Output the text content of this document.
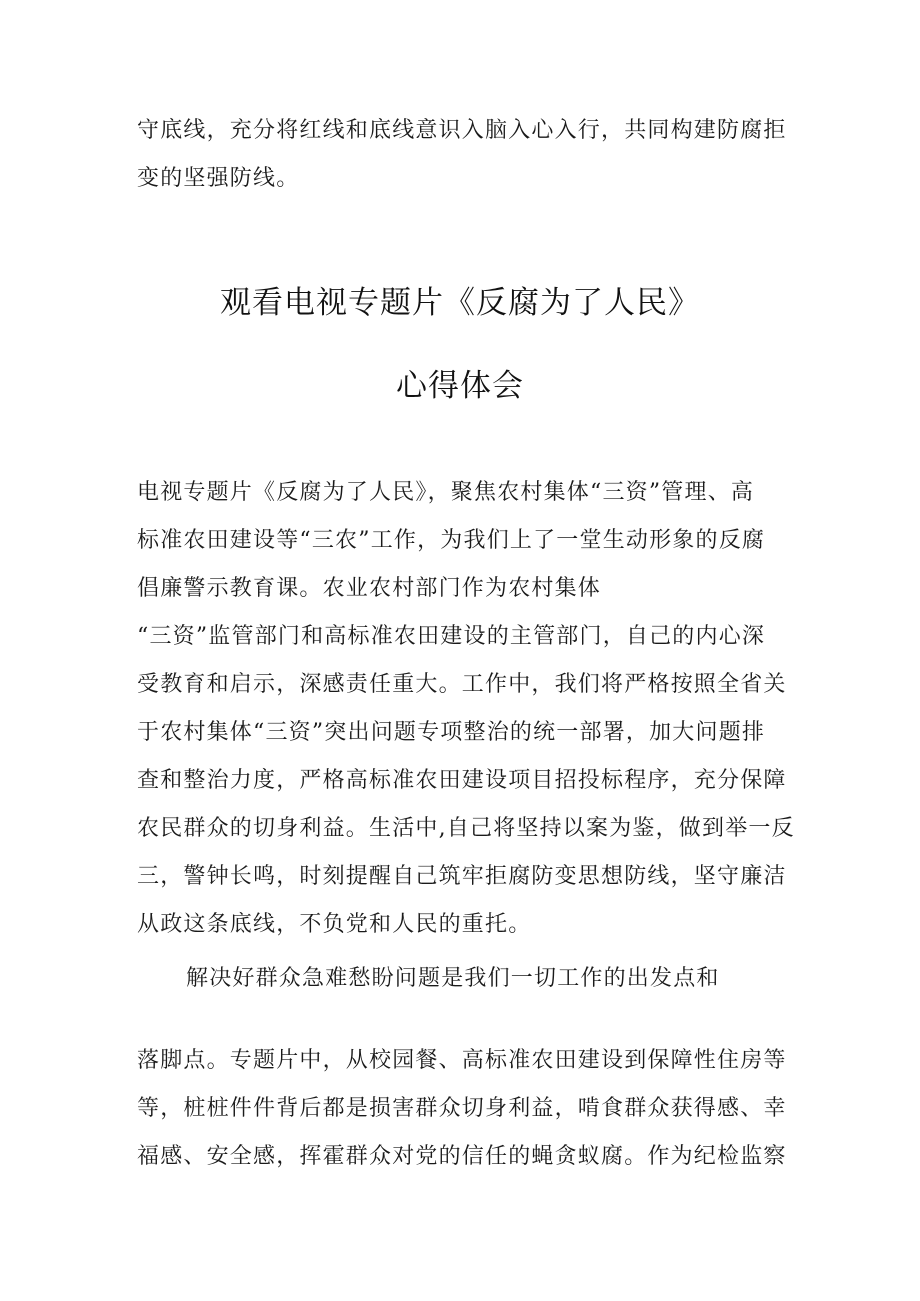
守底线，充分将红线和底线意识入脑入心入行，共同构建防腐拒
变的坚强防线。
观看电视专题片《反腐为了人民》
心得体会
电视专题片《反腐为了人民》，聚焦农村集体“三资”管理、高
标准农田建设等“三农”工作，为我们上了一堂生动形象的反腐
倡廉警示教育课。农业农村部门作为农村集体
“三资”监管部门和高标准农田建设的主管部门，自己的内心深
受教育和启示，深感责任重大。工作中，我们将严格按照全省关
于农村集体“三资”突出问题专项整治的统一部署，加大问题排
查和整治力度，严格高标准农田建设项目招投标程序，充分保障
农民群众的切身利益。生活中,自己将坚持以案为鉴，做到举一反
三，警钟长鸣，时刻提醒自己筑牢拒腐防变思想防线，坚守廉洁
从政这条底线，不负党和人民的重托。
解决好群众急难愁盼问题是我们一切工作的出发点和
落脚点。专题片中，从校园餐、高标准农田建设到保障性住房等
等，桩桩件件背后都是损害群众切身利益，啃食群众获得感、幸
福感、安全感，挥霍群众对党的信任的蝇贪蚁腐。作为纪检监察
